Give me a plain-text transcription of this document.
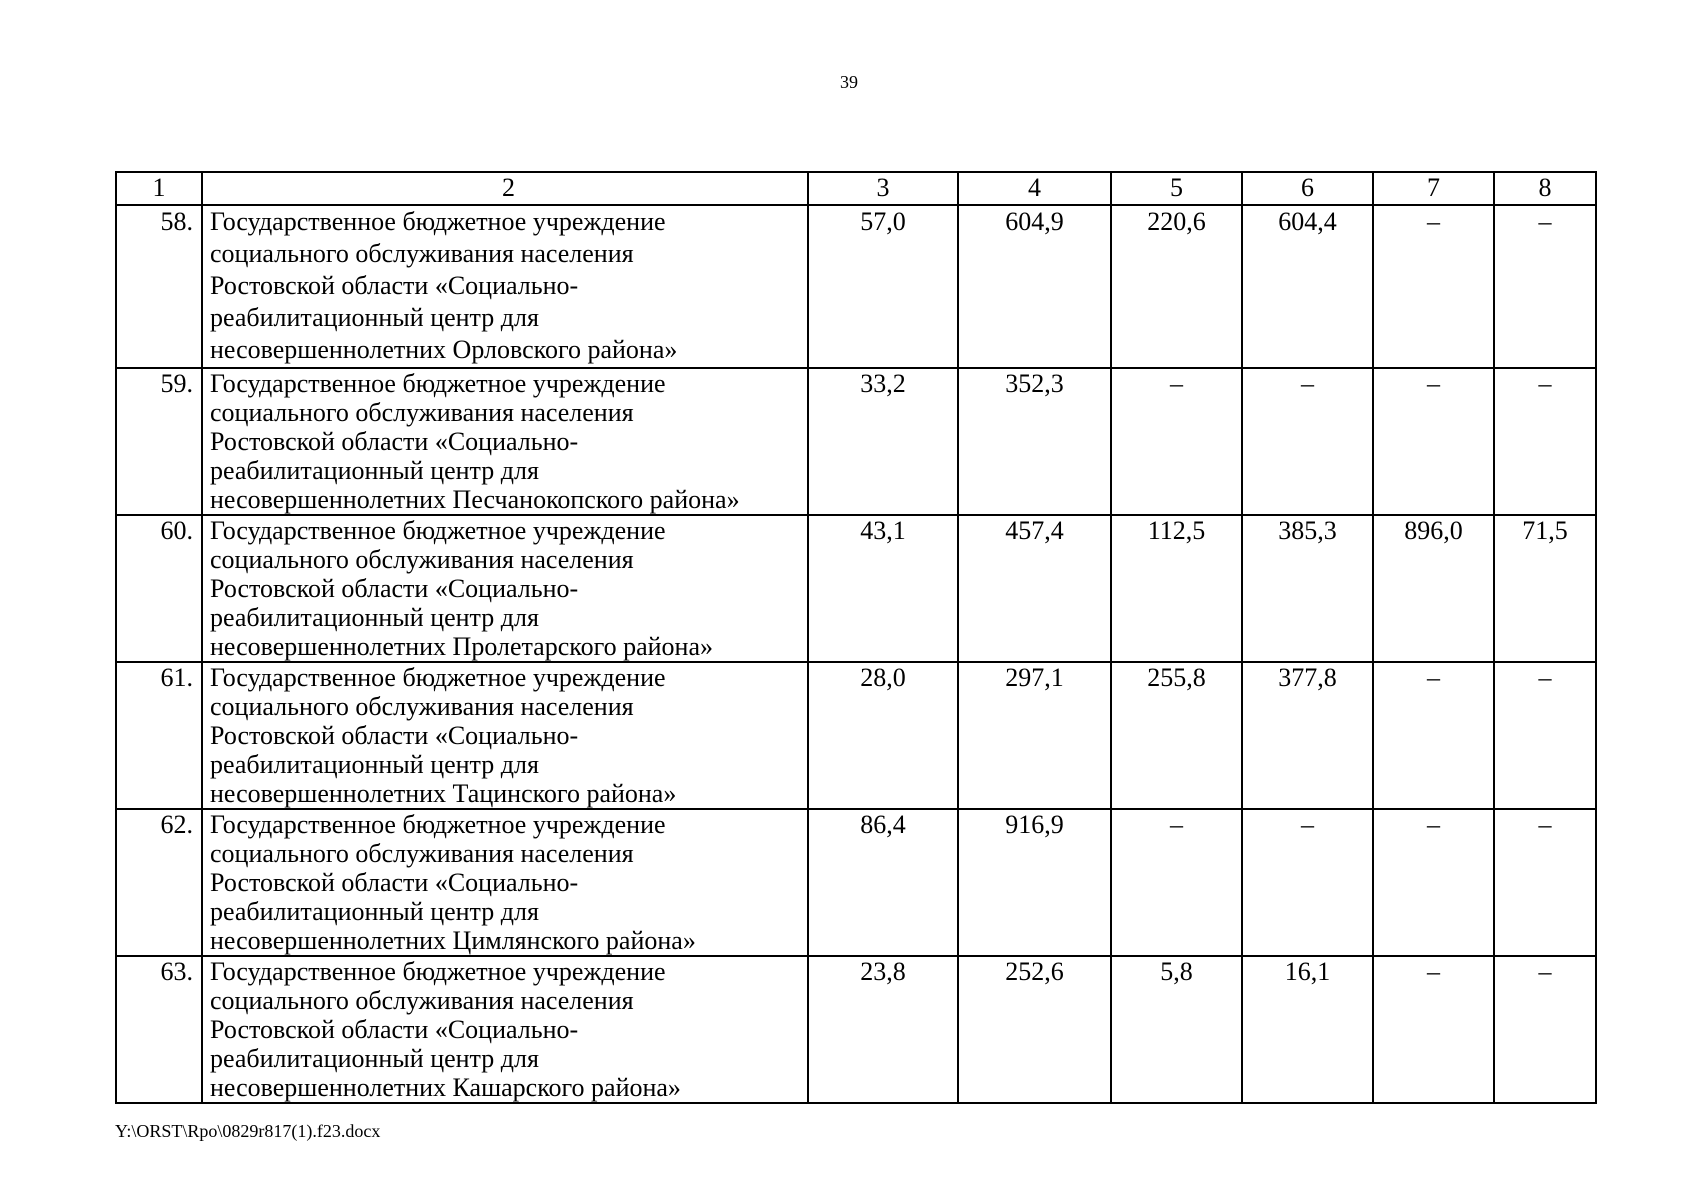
39
1	2	3	4	5	6	7	8
58.	Государственное бюджетное учреждение
социального обслуживания населения
Ростовской области «Социально-
реабилитационный центр для
несовершеннолетних Орловского района»	57,0	604,9	220,6	604,4	–	–
59.	Государственное бюджетное учреждение
социального обслуживания населения
Ростовской области «Социально-
реабилитационный центр для
несовершеннолетних Песчанокопского района»	33,2	352,3	–	–	–	–
60.	Государственное бюджетное учреждение
социального обслуживания населения
Ростовской области «Социально-
реабилитационный центр для
несовершеннолетних Пролетарского района»	43,1	457,4	112,5	385,3	896,0	71,5
61.	Государственное бюджетное учреждение
социального обслуживания населения
Ростовской области «Социально-
реабилитационный центр для
несовершеннолетних Тацинского района»	28,0	297,1	255,8	377,8	–	–
62.	Государственное бюджетное учреждение
социального обслуживания населения
Ростовской области «Социально-
реабилитационный центр для
несовершеннолетних Цимлянского района»	86,4	916,9	–	–	–	–
63.	Государственное бюджетное учреждение
социального обслуживания населения
Ростовской области «Социально-
реабилитационный центр для
несовершеннолетних Кашарского района»	23,8	252,6	5,8	16,1	–	–
Y:\ORST\Rpo\0829r817(1).f23.docx
